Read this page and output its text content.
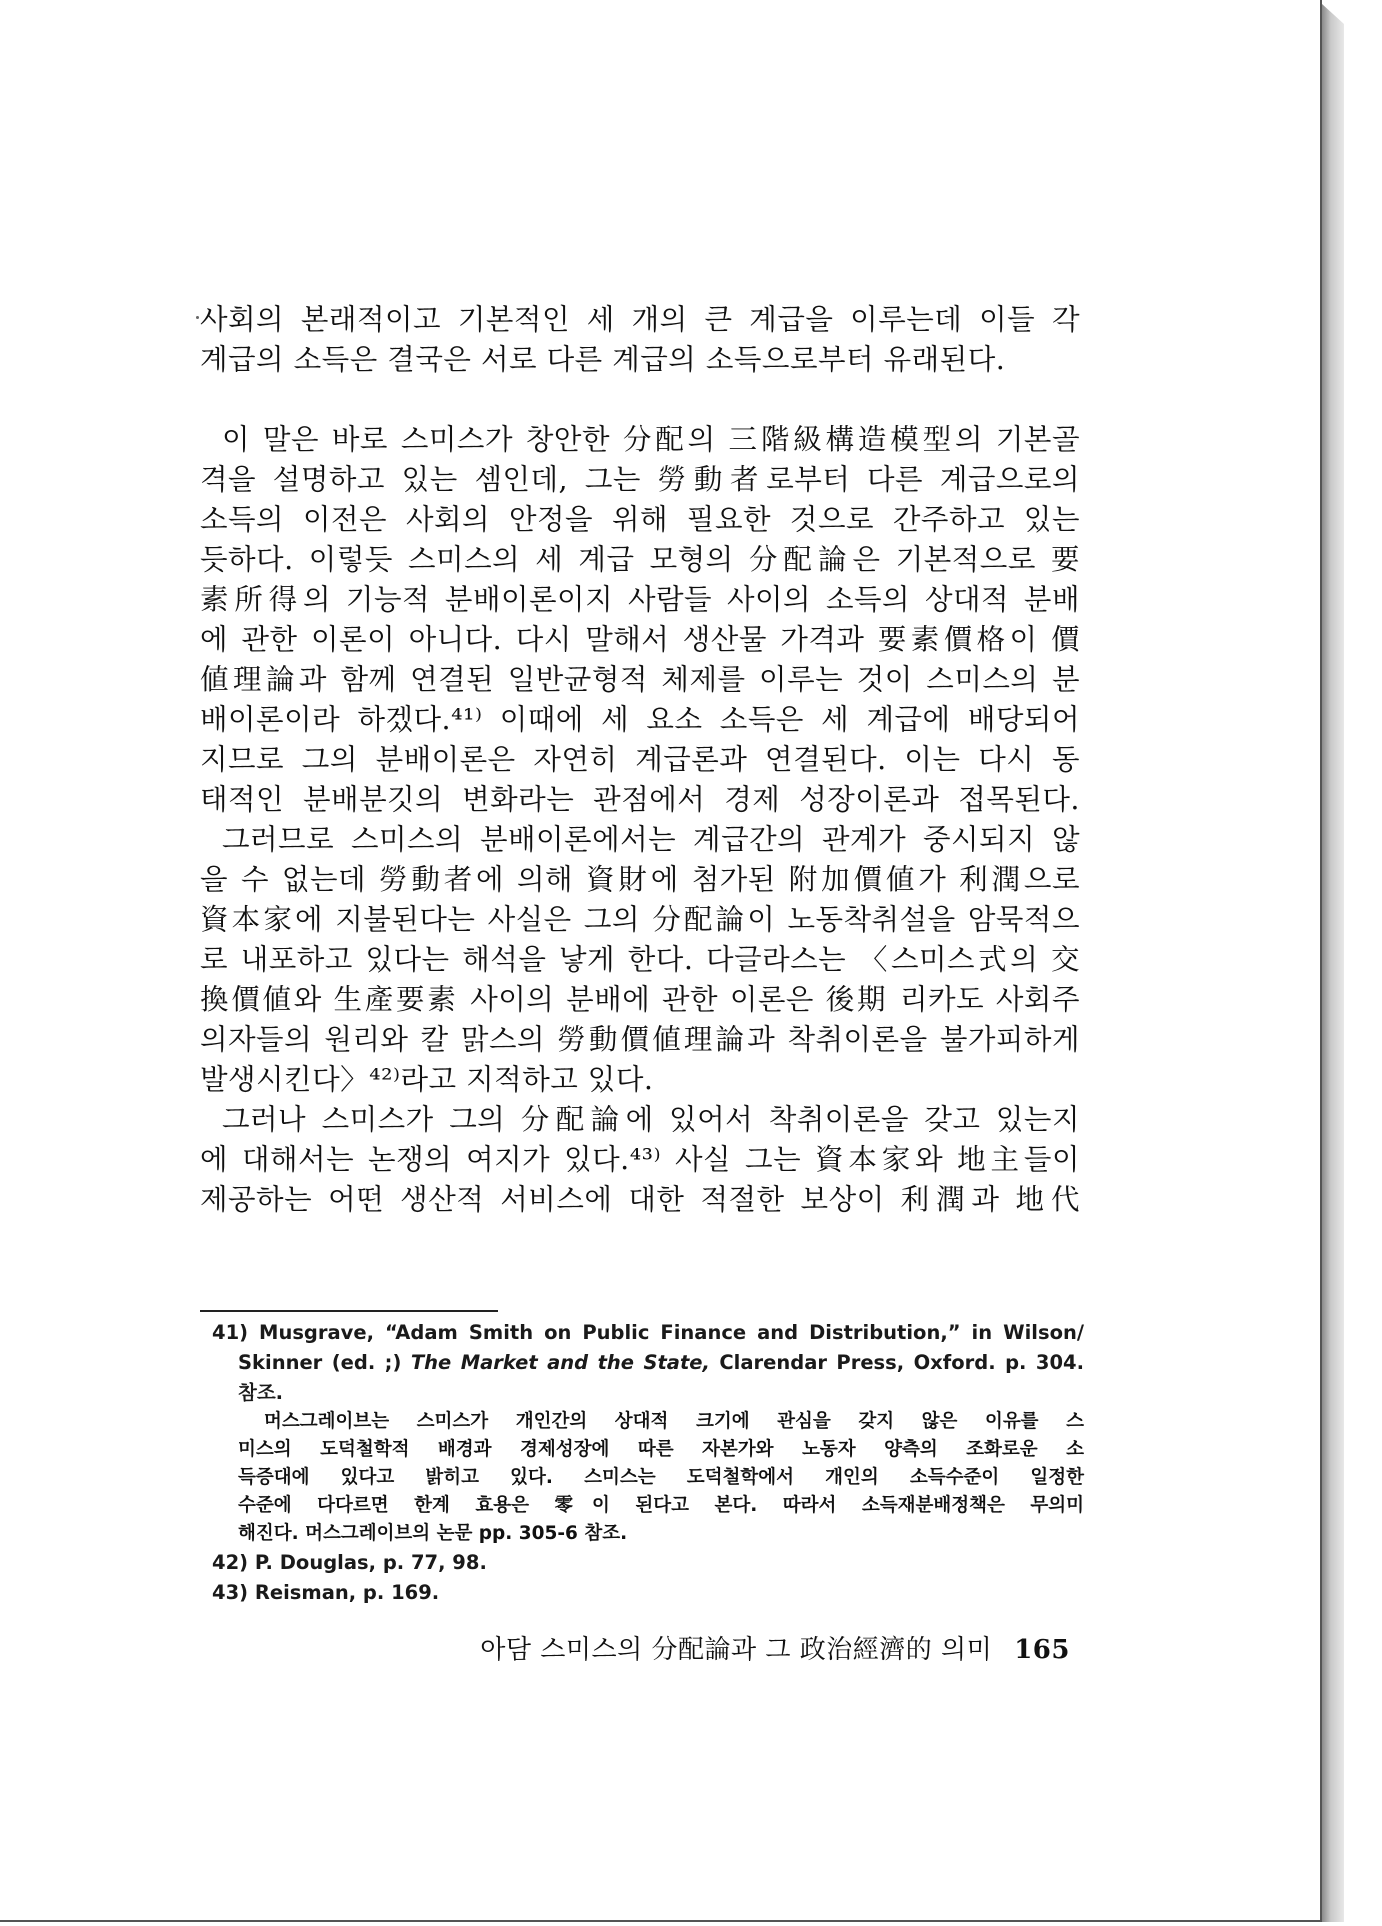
사회의 본래적이고 기본적인 세 개의 큰 계급을 이루는데 이들 각
계급의 소득은 결국은 서로 다른 계급의 소득으로부터 유래된다.
이 말은 바로 스미스가 창안한 分配의 三階級構造模型의 기본골
격을 설명하고 있는 셈인데, 그는 勞動者로부터 다른 계급으로의
소득의 이전은 사회의 안정을 위해 필요한 것으로 간주하고 있는
듯하다. 이렇듯 스미스의 세 계급 모형의 分配論은 기본적으로 要
素所得의 기능적 분배이론이지 사람들 사이의 소득의 상대적 분배
에 관한 이론이 아니다. 다시 말해서 생산물 가격과 要素價格이 價
値理論과 함께 연결된 일반균형적 체제를 이루는 것이 스미스의 분
배이론이라 하겠다.⁴¹⁾ 이때에 세 요소 소득은 세 계급에 배당되어
지므로 그의 분배이론은 자연히 계급론과 연결된다. 이는 다시 동
태적인 분배분깃의 변화라는 관점에서 경제 성장이론과 접목된다.
그러므로 스미스의 분배이론에서는 계급간의 관계가 중시되지 않
을 수 없는데 勞動者에 의해 資財에 첨가된 附加價値가 利潤으로
資本家에 지불된다는 사실은 그의 分配論이 노동착취설을 암묵적으
로 내포하고 있다는 해석을 낳게 한다. 다글라스는 〈스미스式의 交
換價値와 生產要素 사이의 분배에 관한 이론은 後期 리카도 사회주
의자들의 원리와 칼 맑스의 勞動價値理論과 착취이론을 불가피하게
발생시킨다〉⁴²⁾라고 지적하고 있다.
그러나 스미스가 그의 分配論에 있어서 착취이론을 갖고 있는지
에 대해서는 논쟁의 여지가 있다.⁴³⁾ 사실 그는 資本家와 地主들이
제공하는 어떤 생산적 서비스에 대한 적절한 보상이 利潤과 地代
41) Musgrave, “Adam Smith on Public Finance and Distribution,” in Wilson/
Skinner (ed. ;) The Market and the State, Clarendar Press, Oxford. p. 304.
참조.
머스그레이브는 스미스가 개인간의 상대적 크기에 관심을 갖지 않은 이유를 스
미스의 도덕철학적 배경과 경제성장에 따른 자본가와 노동자 양측의 조화로운 소
득증대에 있다고 밝히고 있다. 스미스는 도덕철학에서 개인의 소득수준이 일정한
수준에 다다르면 한계 효용은 零이 된다고 본다. 따라서 소득재분배정책은 무의미
해진다. 머스그레이브의 논문 pp. 305-6 참조.
42) P. Douglas, p. 77, 98.
43) Reisman, p. 169.
아담 스미스의 分配論과 그 政治經濟的 의미 165
